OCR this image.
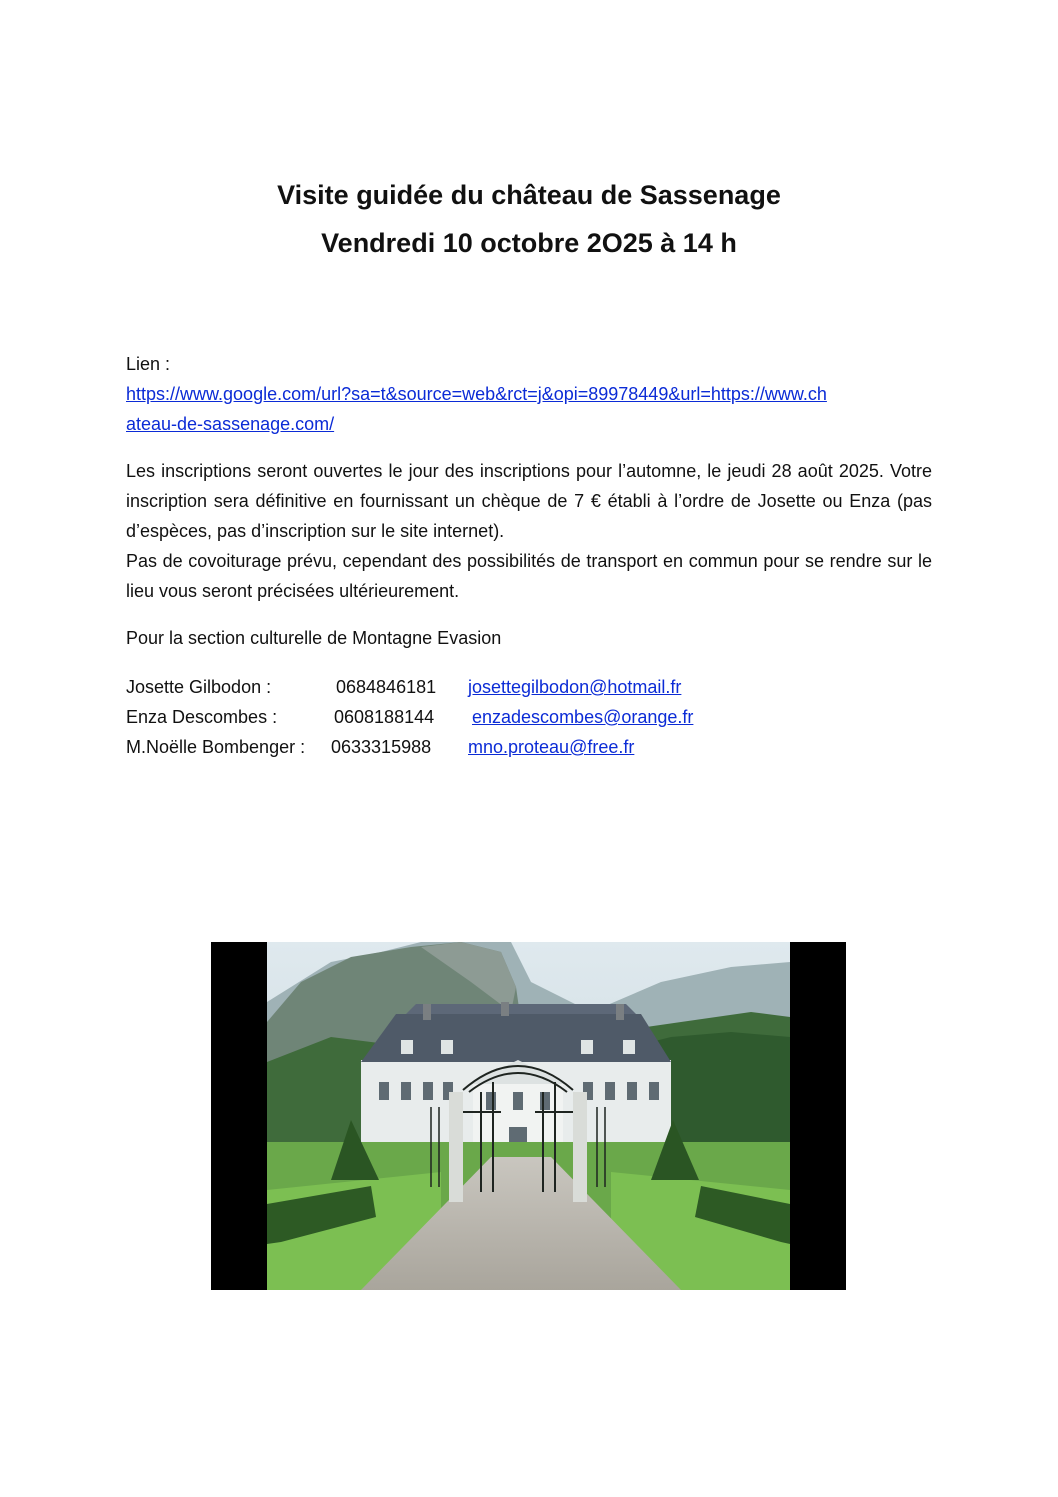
Visite guidée du château de Sassenage
Vendredi 10 octobre 2O25 à 14 h
Lien :
https://www.google.com/url?sa=t&source=web&rct=j&opi=89978449&url=https://www.ch
ateau-de-sassenage.com/

Les inscriptions seront ouvertes le jour des inscriptions pour l’automne, le jeudi 28 août 2025. Votre inscription sera définitive en fournissant un chèque de 7 € établi à l’ordre de Josette ou Enza (pas d’espèces, pas d’inscription sur le site internet).

Pas de covoiturage prévu, cependant des possibilités de transport en commun pour se rendre sur le lieu vous seront précisées ultérieurement.

Pour la section culturelle de Montagne Evasion
Josette Gilbodon :	0684846181 josettegilbodon@hotmail.fr
Enza Descombes :	0608188144 enzadescombes@orange.fr
M.Noëlle Bombenger : 0633315988 mno.proteau@free.fr
